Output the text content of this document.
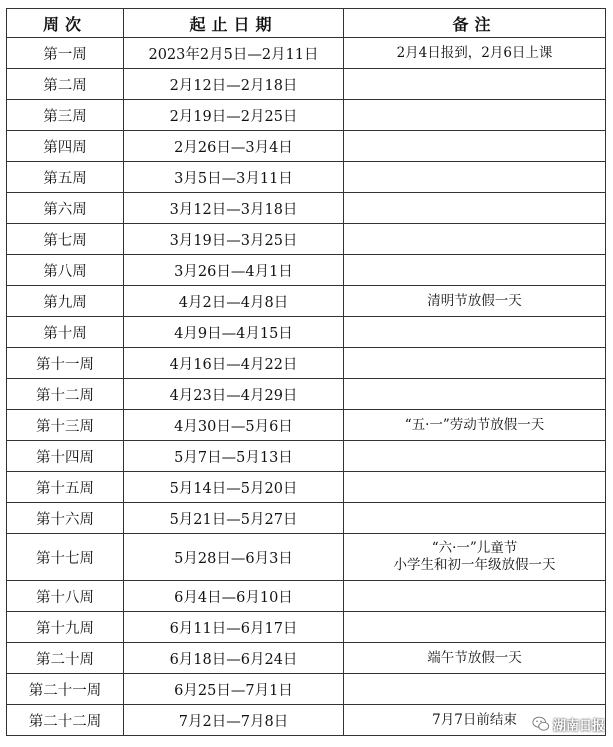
周次	起止日期	备注
第一周	2023年2月5日—2月11日	2月4日报到，2月6日上课

第二周	2月12日—2月18日	
第三周	2月19日—2月25日	
第四周	2月26日—3月4日	
第五周	3月5日—3月11日	
第六周	3月12日—3月18日	
第七周	3月19日—3月25日	
第八周	3月26日—4月1日	
第九周	4月2日—4月8日	清明节放假一天

第十周	4月9日—4月15日	
第十一周	4月16日—4月22日	
第十二周	4月23日—4月29日	
第十三周	4月30日—5月6日	“五·一”劳动节放假一天

第十四周	5月7日—5月13日	
第十五周	5月14日—5月20日	
第十六周	5月21日—5月27日	
第十七周	5月28日—6月3日	“六·一”儿童节
小学生和初一年级放假一天

第十八周	6月4日—6月10日	
第十九周	6月11日—6月17日	
第二十周	6月18日—6月24日	端午节放假一天

第二十一周	6月25日—7月1日	
第二十二周	7月2日—7月8日	7月7日前结束	湖南日报
